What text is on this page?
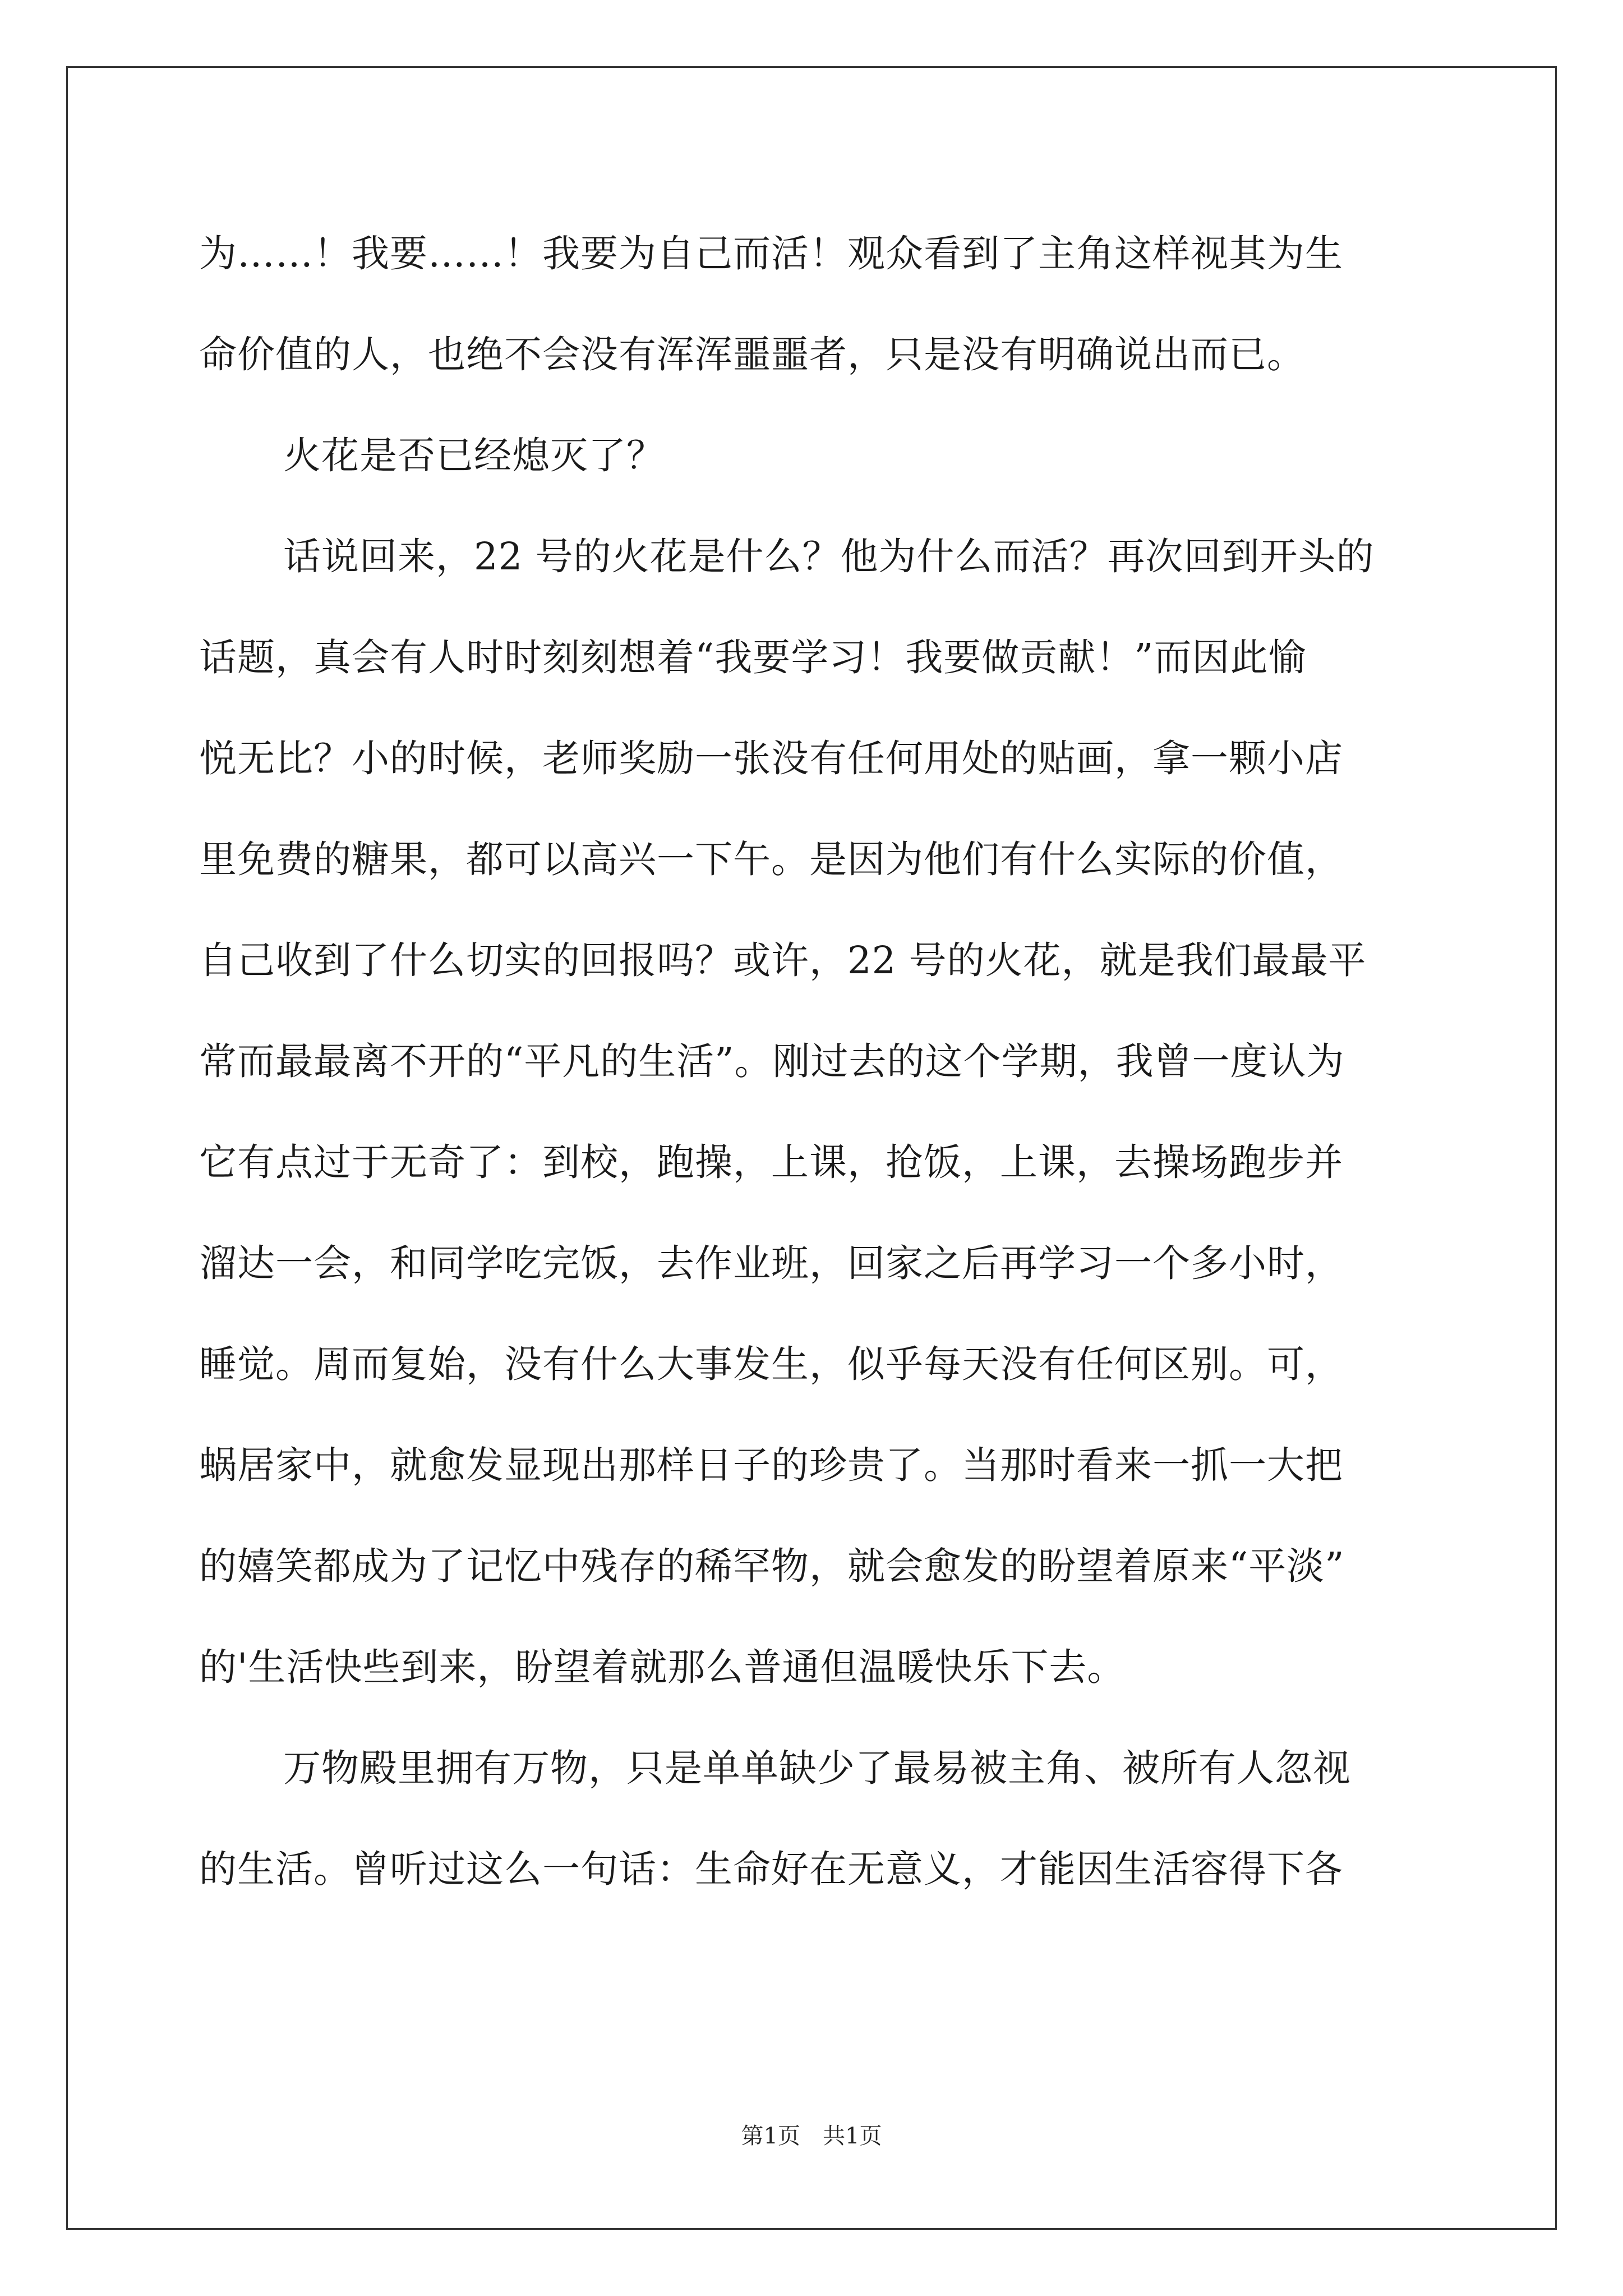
为……！我要……！我要为自己而活！观众看到了主角这样视其为生
命价值的人，也绝不会没有浑浑噩噩者，只是没有明确说出而已。
火花是否已经熄灭了？
话说回来，22 号的火花是什么？他为什么而活？再次回到开头的
话题，真会有人时时刻刻想着“我要学习！我要做贡献！”而因此愉
悦无比？小的时候，老师奖励一张没有任何用处的贴画，拿一颗小店
里免费的糖果，都可以高兴一下午。是因为他们有什么实际的价值，
自己收到了什么切实的回报吗？或许，22 号的火花，就是我们最最平
常而最最离不开的“平凡的生活”。刚过去的这个学期，我曾一度认为
它有点过于无奇了：到校，跑操，上课，抢饭，上课，去操场跑步并
溜达一会，和同学吃完饭，去作业班，回家之后再学习一个多小时，
睡觉。周而复始，没有什么大事发生，似乎每天没有任何区别。可，
蜗居家中，就愈发显现出那样日子的珍贵了。当那时看来一抓一大把
的嬉笑都成为了记忆中残存的稀罕物，就会愈发的盼望着原来“平淡”
的'生活快些到来，盼望着就那么普通但温暖快乐下去。
万物殿里拥有万物，只是单单缺少了最易被主角、被所有人忽视
的生活。曾听过这么一句话：生命好在无意义，才能因生活容得下各
第1页　共1页
